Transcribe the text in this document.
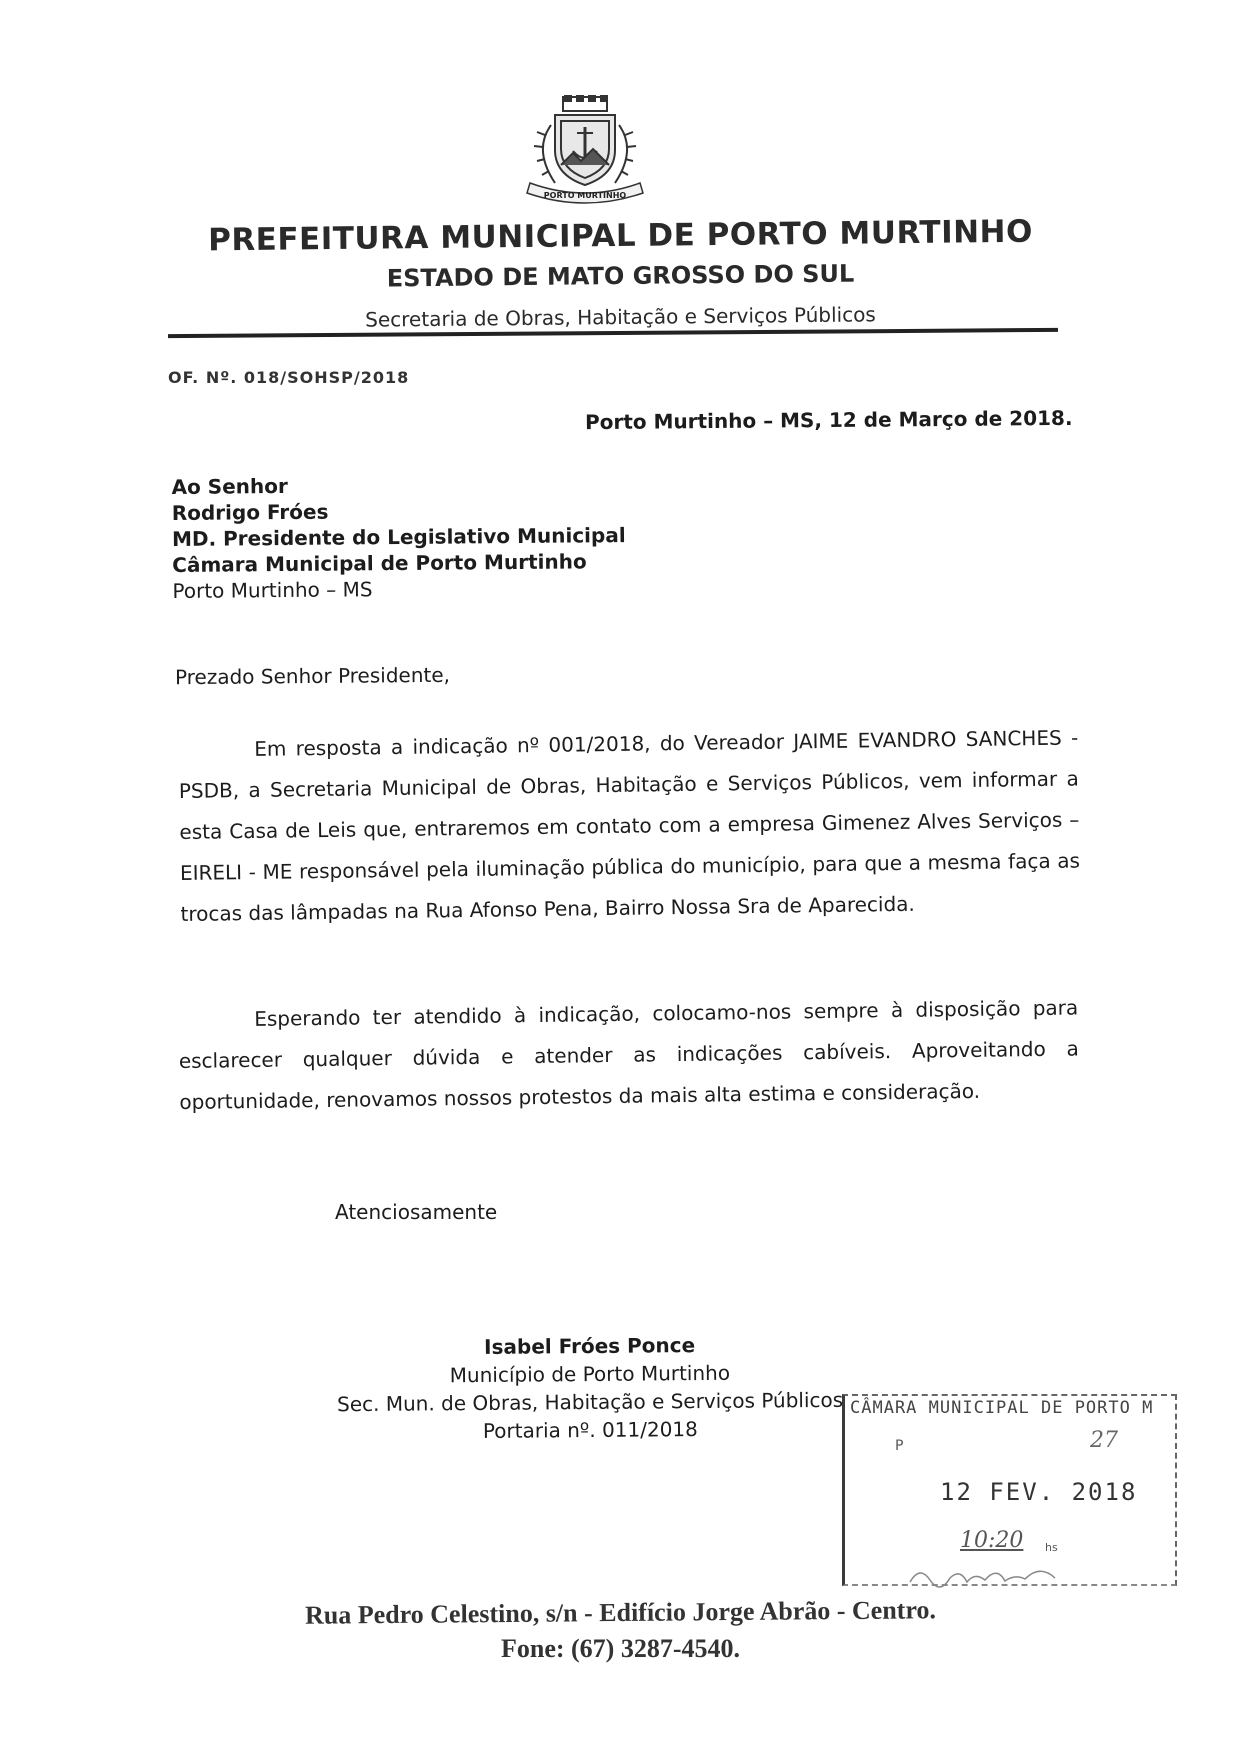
PORTO MURTINHO
PREFEITURA MUNICIPAL DE PORTO MURTINHO
ESTADO DE MATO GROSSO DO SUL
Secretaria de Obras, Habitação e Serviços Públicos
OF. Nº. 018/SOHSP/2018
Porto Murtinho – MS, 12 de Março de 2018.
Ao Senhor
Rodrigo Fróes
MD. Presidente do Legislativo Municipal
Câmara Municipal de Porto Murtinho
Porto Murtinho – MS
Prezado Senhor Presidente,
Em resposta a indicação nº 001/2018, do Vereador JAIME EVANDRO SANCHES - PSDB, a Secretaria Municipal de Obras, Habitação e Serviços Públicos, vem informar a esta Casa de Leis que, entraremos em contato com a empresa Gimenez Alves Serviços – EIRELI - ME responsável pela iluminação pública do município, para que a mesma faça as trocas das lâmpadas na Rua Afonso Pena, Bairro Nossa Sra de Aparecida.
Esperando ter atendido à indicação, colocamo-nos sempre à disposição para esclarecer qualquer dúvida e atender as indicações cabíveis. Aproveitando a oportunidade, renovamos nossos protestos da mais alta estima e consideração.
Atenciosamente
Isabel Fróes Ponce
Município de Porto Murtinho
Sec. Mun. de Obras, Habitação e Serviços Públicos
Portaria nº. 011/2018
CÂMARA MUNICIPAL DE PORTO M
P	27
12 FEV. 2018
10:20 hs
Rua Pedro Celestino, s/n - Edifício Jorge Abrão - Centro.
Fone: (67) 3287-4540.
